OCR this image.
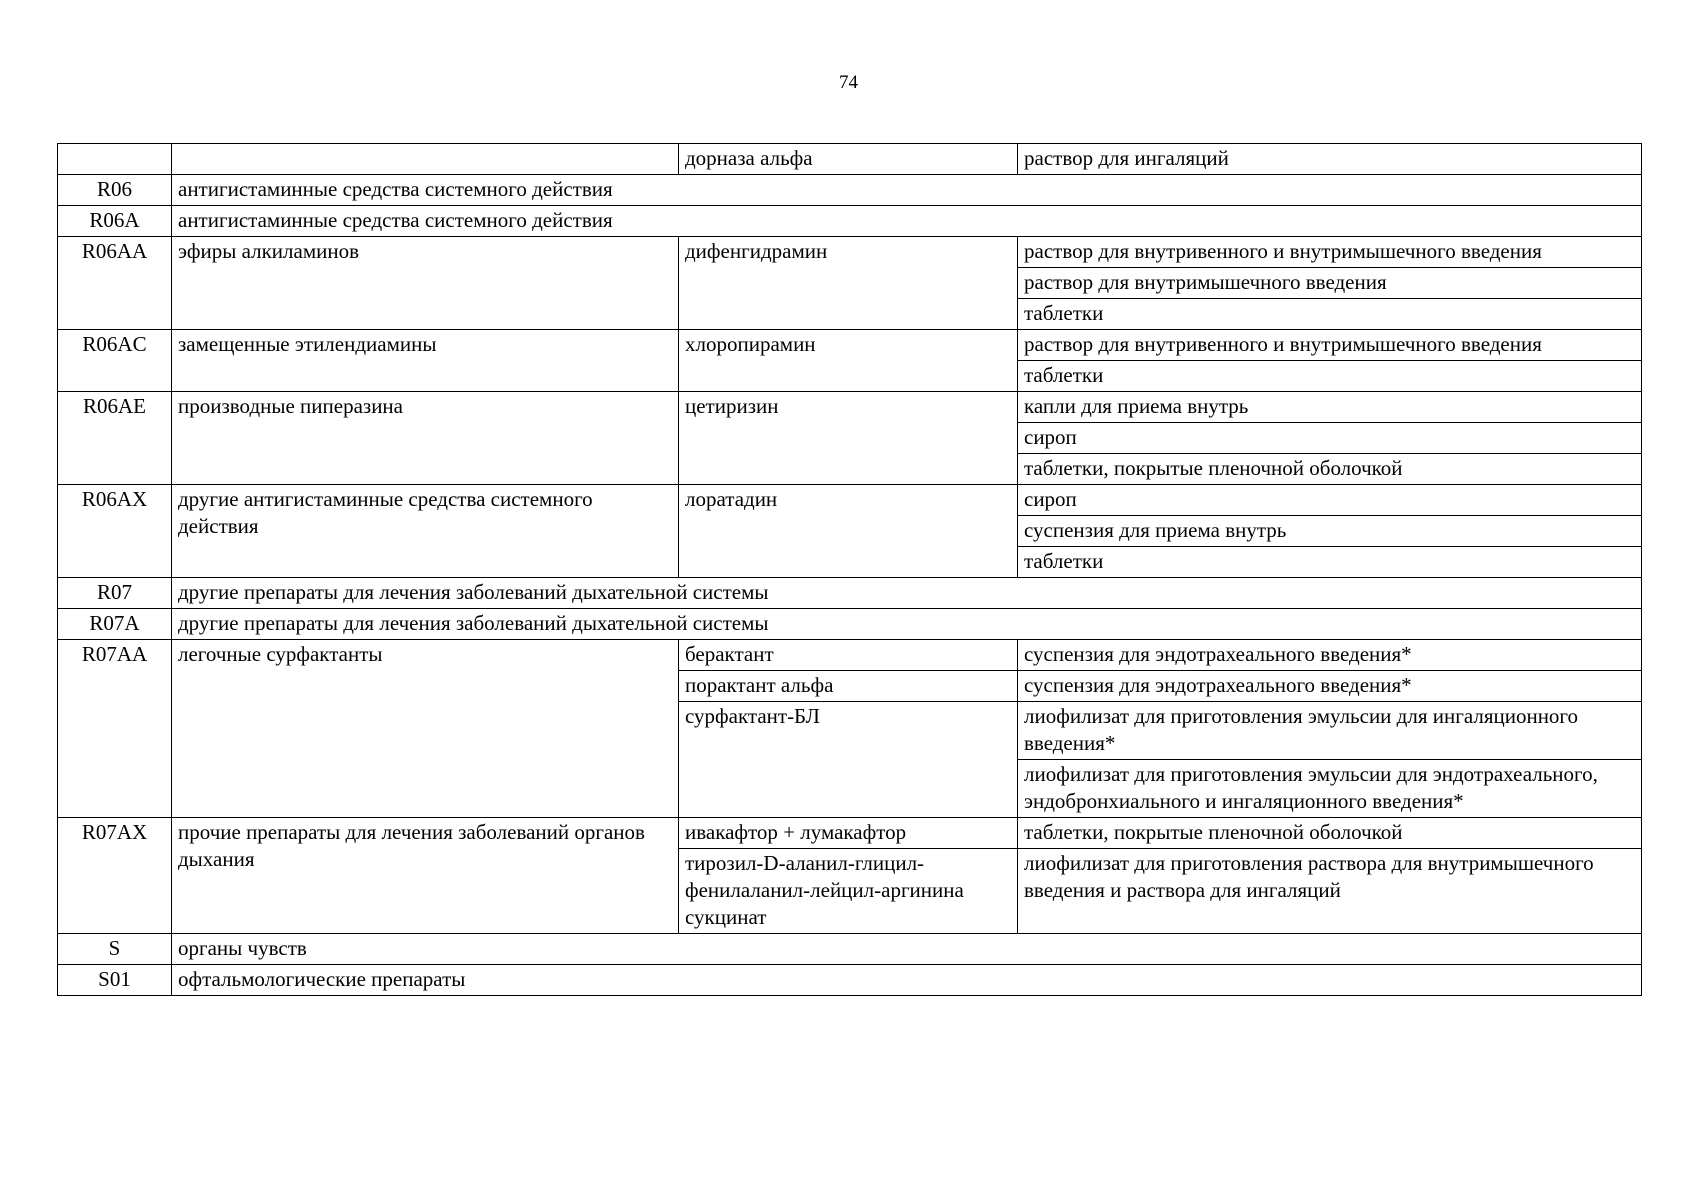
74
		дорназа альфа	раствор для ингаляций
R06	антигистаминные средства системного действия		
R06A	антигистаминные средства системного действия		
R06AA	эфиры алкиламинов	дифенгидрамин	раствор для внутривенного и внутримышечного введения
			раствор для внутримышечного введения
			таблетки
R06AC	замещенные этилендиамины	хлоропирамин	раствор для внутривенного и внутримышечного введения
			таблетки
R06AE	производные пиперазина	цетиризин	капли для приема внутрь
			сироп
			таблетки, покрытые пленочной оболочкой
R06AX	другие антигистаминные средства системного действия	лоратадин	сироп
			суспензия для приема внутрь
			таблетки
R07	другие препараты для лечения заболеваний дыхательной системы		
R07A	другие препараты для лечения заболеваний дыхательной системы		
R07AA	легочные сурфактанты	берактант	суспензия для эндотрахеального введения*
		порактант альфа	суспензия для эндотрахеального введения*
		сурфактант-БЛ	лиофилизат для приготовления эмульсии для ингаляционного введения*
			лиофилизат для приготовления эмульсии для эндотрахеального, эндобронхиального и ингаляционного введения*
R07AX	прочие препараты для лечения заболеваний органов дыхания	ивакафтор + лумакафтор	таблетки, покрытые пленочной оболочкой
		тирозил-D-аланил-глицил-фенилаланил-лейцил-аргинина сукцинат	лиофилизат для приготовления раствора для внутримышечного введения и раствора для ингаляций
S	органы чувств		
S01	офтальмологические препараты		
